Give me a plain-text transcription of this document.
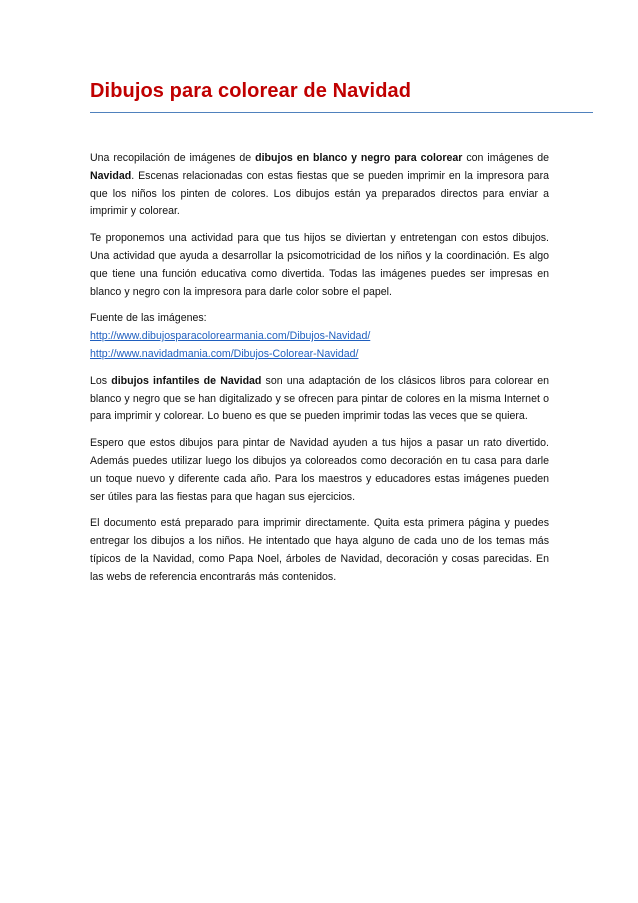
Dibujos para colorear de Navidad

Una recopilación de imágenes de dibujos en blanco y negro para colorear con imágenes de Navidad. Escenas relacionadas con estas fiestas que se pueden imprimir en la impresora para que los niños los pinten de colores. Los dibujos están ya preparados directos para enviar a imprimir y colorear.

Te proponemos una actividad para que tus hijos se diviertan y entretengan con estos dibujos. Una actividad que ayuda a desarrollar la psicomotricidad de los niños y la coordinación. Es algo que tiene una función educativa como divertida. Todas las imágenes puedes ser impresas en blanco y negro con la impresora para darle color sobre el papel.

Fuente de las imágenes:
http://www.dibujosparacolorearmania.com/Dibujos-Navidad/
http://www.navidadmania.com/Dibujos-Colorear-Navidad/

Los dibujos infantiles de Navidad son una adaptación de los clásicos libros para colorear en blanco y negro que se han digitalizado y se ofrecen para pintar de colores en la misma Internet o para imprimir y colorear. Lo bueno es que se pueden imprimir todas las veces que se quiera.

Espero que estos dibujos para pintar de Navidad ayuden a tus hijos a pasar un rato divertido. Además puedes utilizar luego los dibujos ya coloreados como decoración en tu casa para darle un toque nuevo y diferente cada año. Para los maestros y educadores estas imágenes pueden ser útiles para las fiestas para que hagan sus ejercicios.

El documento está preparado para imprimir directamente. Quita esta primera página y puedes entregar los dibujos a los niños. He intentado que haya alguno de cada uno de los temas más típicos de la Navidad, como Papa Noel, árboles de Navidad, decoración y cosas parecidas. En las webs de referencia encontrarás más contenidos.
